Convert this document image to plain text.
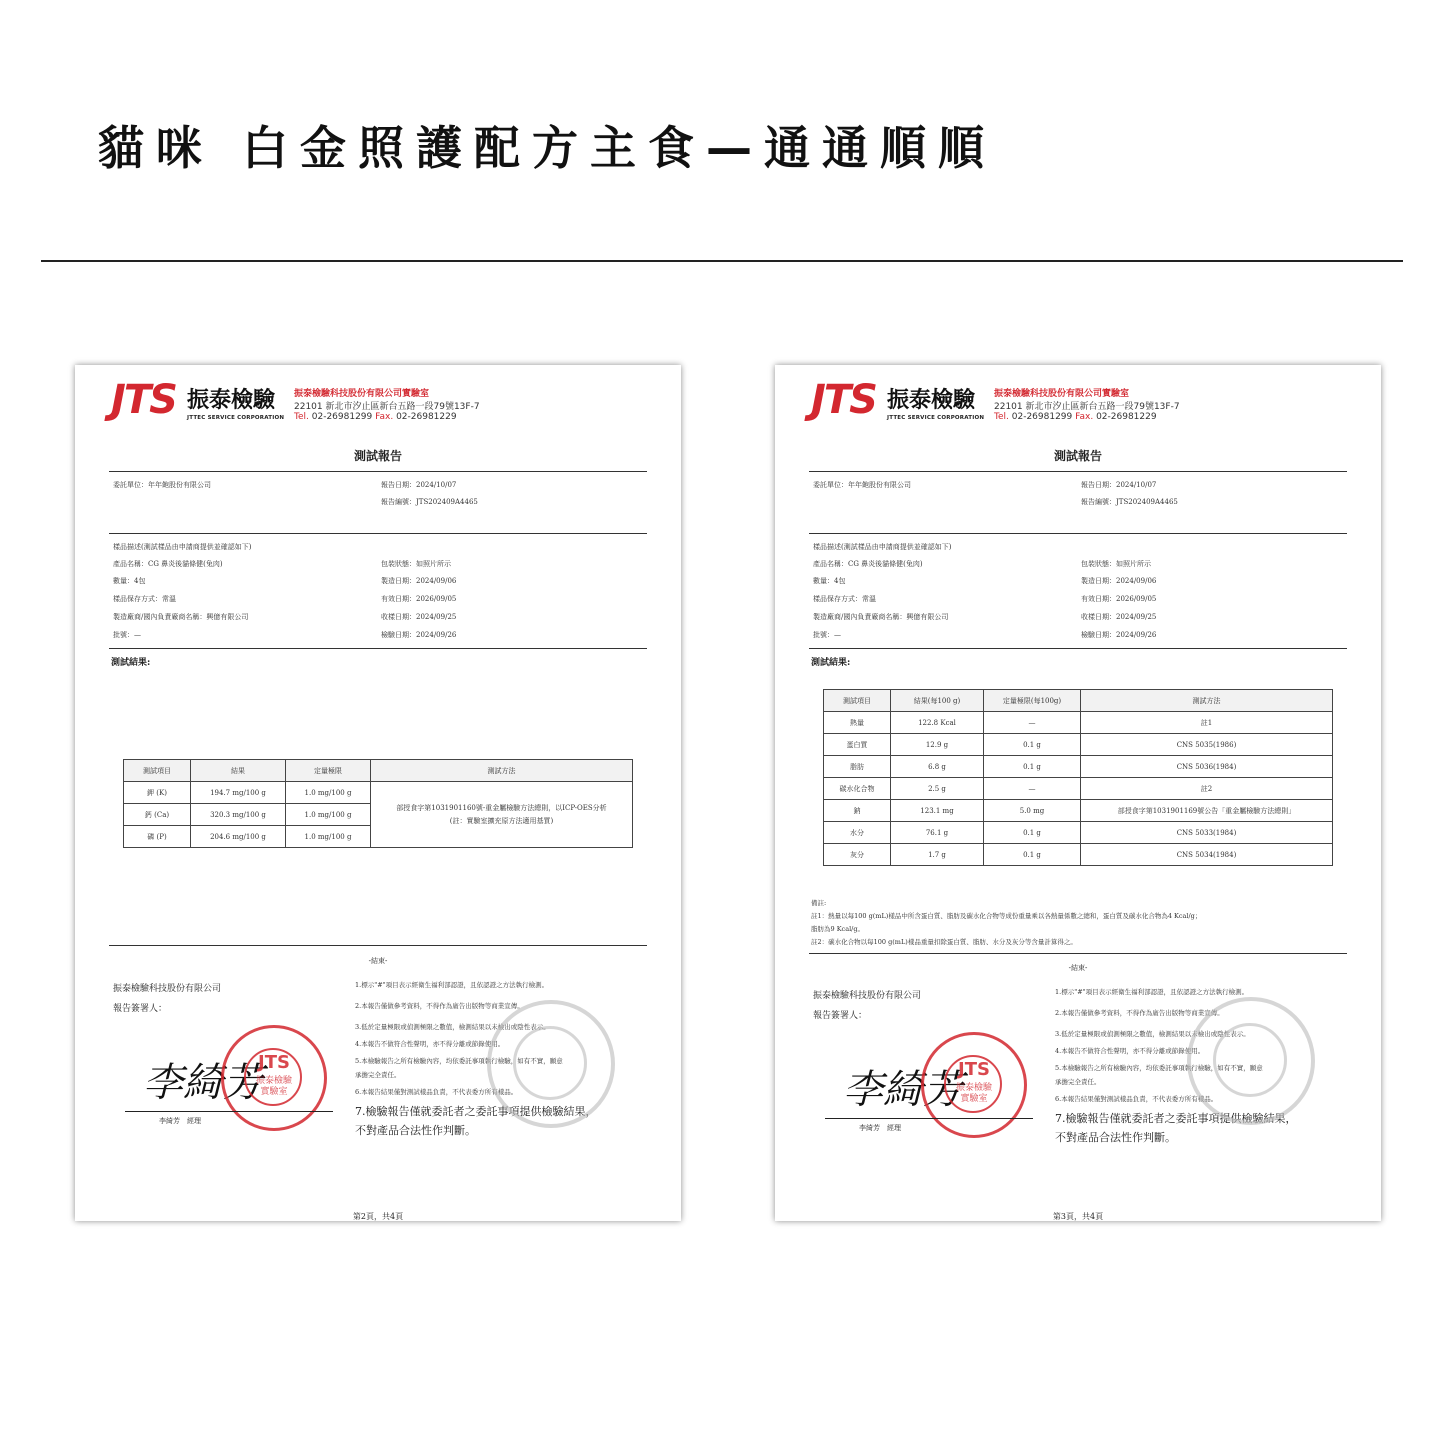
貓咪 白金照護配方主食—通通順順
JTS 振泰檢驗
JTTEC SERVICE CORPORATION
振泰檢驗科技股份有限公司實驗室
22101 新北市汐止區新台五路一段79號13F-7
Tel. 02-26981299 Fax. 02-26981229
測試報告
委託單位：年年飽股份有限公司	報告日期：2024/10/07
報告編號：JTS202409A4465
樣品描述(測試樣品由申請商提供並確認如下)
產品名稱：CG 鼻炎後貓條健(兔肉)
數量：4包
樣品保存方式：常溫
製造廠商/國內負責廠商名稱：興億有限公司
批號：—
包裝狀態：如照片所示
製造日期：2024/09/06
有效日期：2026/09/05
收樣日期：2024/09/25
檢驗日期：2024/09/26
測試結果:
測試項目	結果	定量極限	測試方法
鉀 (K)	194.7 mg/100 g	1.0 mg/100 g	部授食字第1031901160號-重金屬檢驗方法總則，以ICP-OES分析
(註：實驗室擴充原方法適用基質)

鈣 (Ca)	320.3 mg/100 g	1.0 mg/100 g	
磷 (P)	204.6 mg/100 g	1.0 mg/100 g	
-結束-
振泰檢驗科技股份有限公司
報告簽署人：
1.標示"#"項目表示經衛生福利部認證，且依認證之方法執行檢測。
2.本報告僅做參考資料，不得作為廣告出版物等商業宣傳。
3.低於定量極限或偵測極限之數值，檢測結果以未檢出或陰性表示。
4.本報告不做符合性聲明，亦不得分離或節錄使用。
5.本檢驗報告之所有檢驗內容，均依委託事項執行檢驗，如有不實，願意
承擔完全責任。
6.本報告結果僅對測試樣品負責，不代表委方所有樣品。
7.檢驗報告僅就委託者之委託事項提供檢驗結果，
不對產品合法性作判斷。
李綺芳
JTS
振泰檢驗
實驗室
李綺芳　經理
第2頁，共4頁
JTS 振泰檢驗
JTTEC SERVICE CORPORATION
振泰檢驗科技股份有限公司實驗室
22101 新北市汐止區新台五路一段79號13F-7
Tel. 02-26981299 Fax. 02-26981229
測試報告
委託單位：年年飽股份有限公司	報告日期：2024/10/07
報告編號：JTS202409A4465
樣品描述(測試樣品由申請商提供並確認如下)
產品名稱：CG 鼻炎後貓條健(兔肉)
數量：4包
樣品保存方式：常溫
製造廠商/國內負責廠商名稱：興億有限公司
批號：—
包裝狀態：如照片所示
製造日期：2024/09/06
有效日期：2026/09/05
收樣日期：2024/09/25
檢驗日期：2024/09/26
測試結果:
測試項目	結果(每100 g)	定量極限(每100g)	測試方法
熱量	122.8 Kcal	—	註1
蛋白質	12.9 g	0.1 g	CNS 5035(1986)
脂肪	6.8 g	0.1 g	CNS 5036(1984)
碳水化合物	2.5 g	—	註2
鈉	123.1 mg	5.0 mg	部授食字第1031901169號公告「重金屬檢驗方法總則」
水分	76.1 g	0.1 g	CNS 5033(1984)
灰分	1.7 g	0.1 g	CNS 5034(1984)
備註:
註1：熱量以每100 g(mL)樣品中所含蛋白質、脂肪及碳水化合物等成份重量乘以各熱量係數之總和，蛋白質及碳水化合物為4 Kcal/g；
脂肪為9 Kcal/g。
註2：碳水化合物以每100 g(mL)樣品重量扣除蛋白質、脂肪、水分及灰分等含量計算得之。
-結束-
振泰檢驗科技股份有限公司
報告簽署人：
1.標示"#"項目表示經衛生福利部認證，且依認證之方法執行檢測。
2.本報告僅做參考資料，不得作為廣告出版物等商業宣傳。
3.低於定量極限或偵測極限之數值，檢測結果以未檢出或陰性表示。
4.本報告不做符合性聲明，亦不得分離或節錄使用。
5.本檢驗報告之所有檢驗內容，均依委託事項執行檢驗，如有不實，願意
承擔完全責任。
6.本報告結果僅對測試樣品負責，不代表委方所有樣品。
7.檢驗報告僅就委託者之委託事項提供檢驗結果，
不對產品合法性作判斷。
李綺芳
JTS
振泰檢驗
實驗室
李綺芳　經理
第3頁，共4頁
